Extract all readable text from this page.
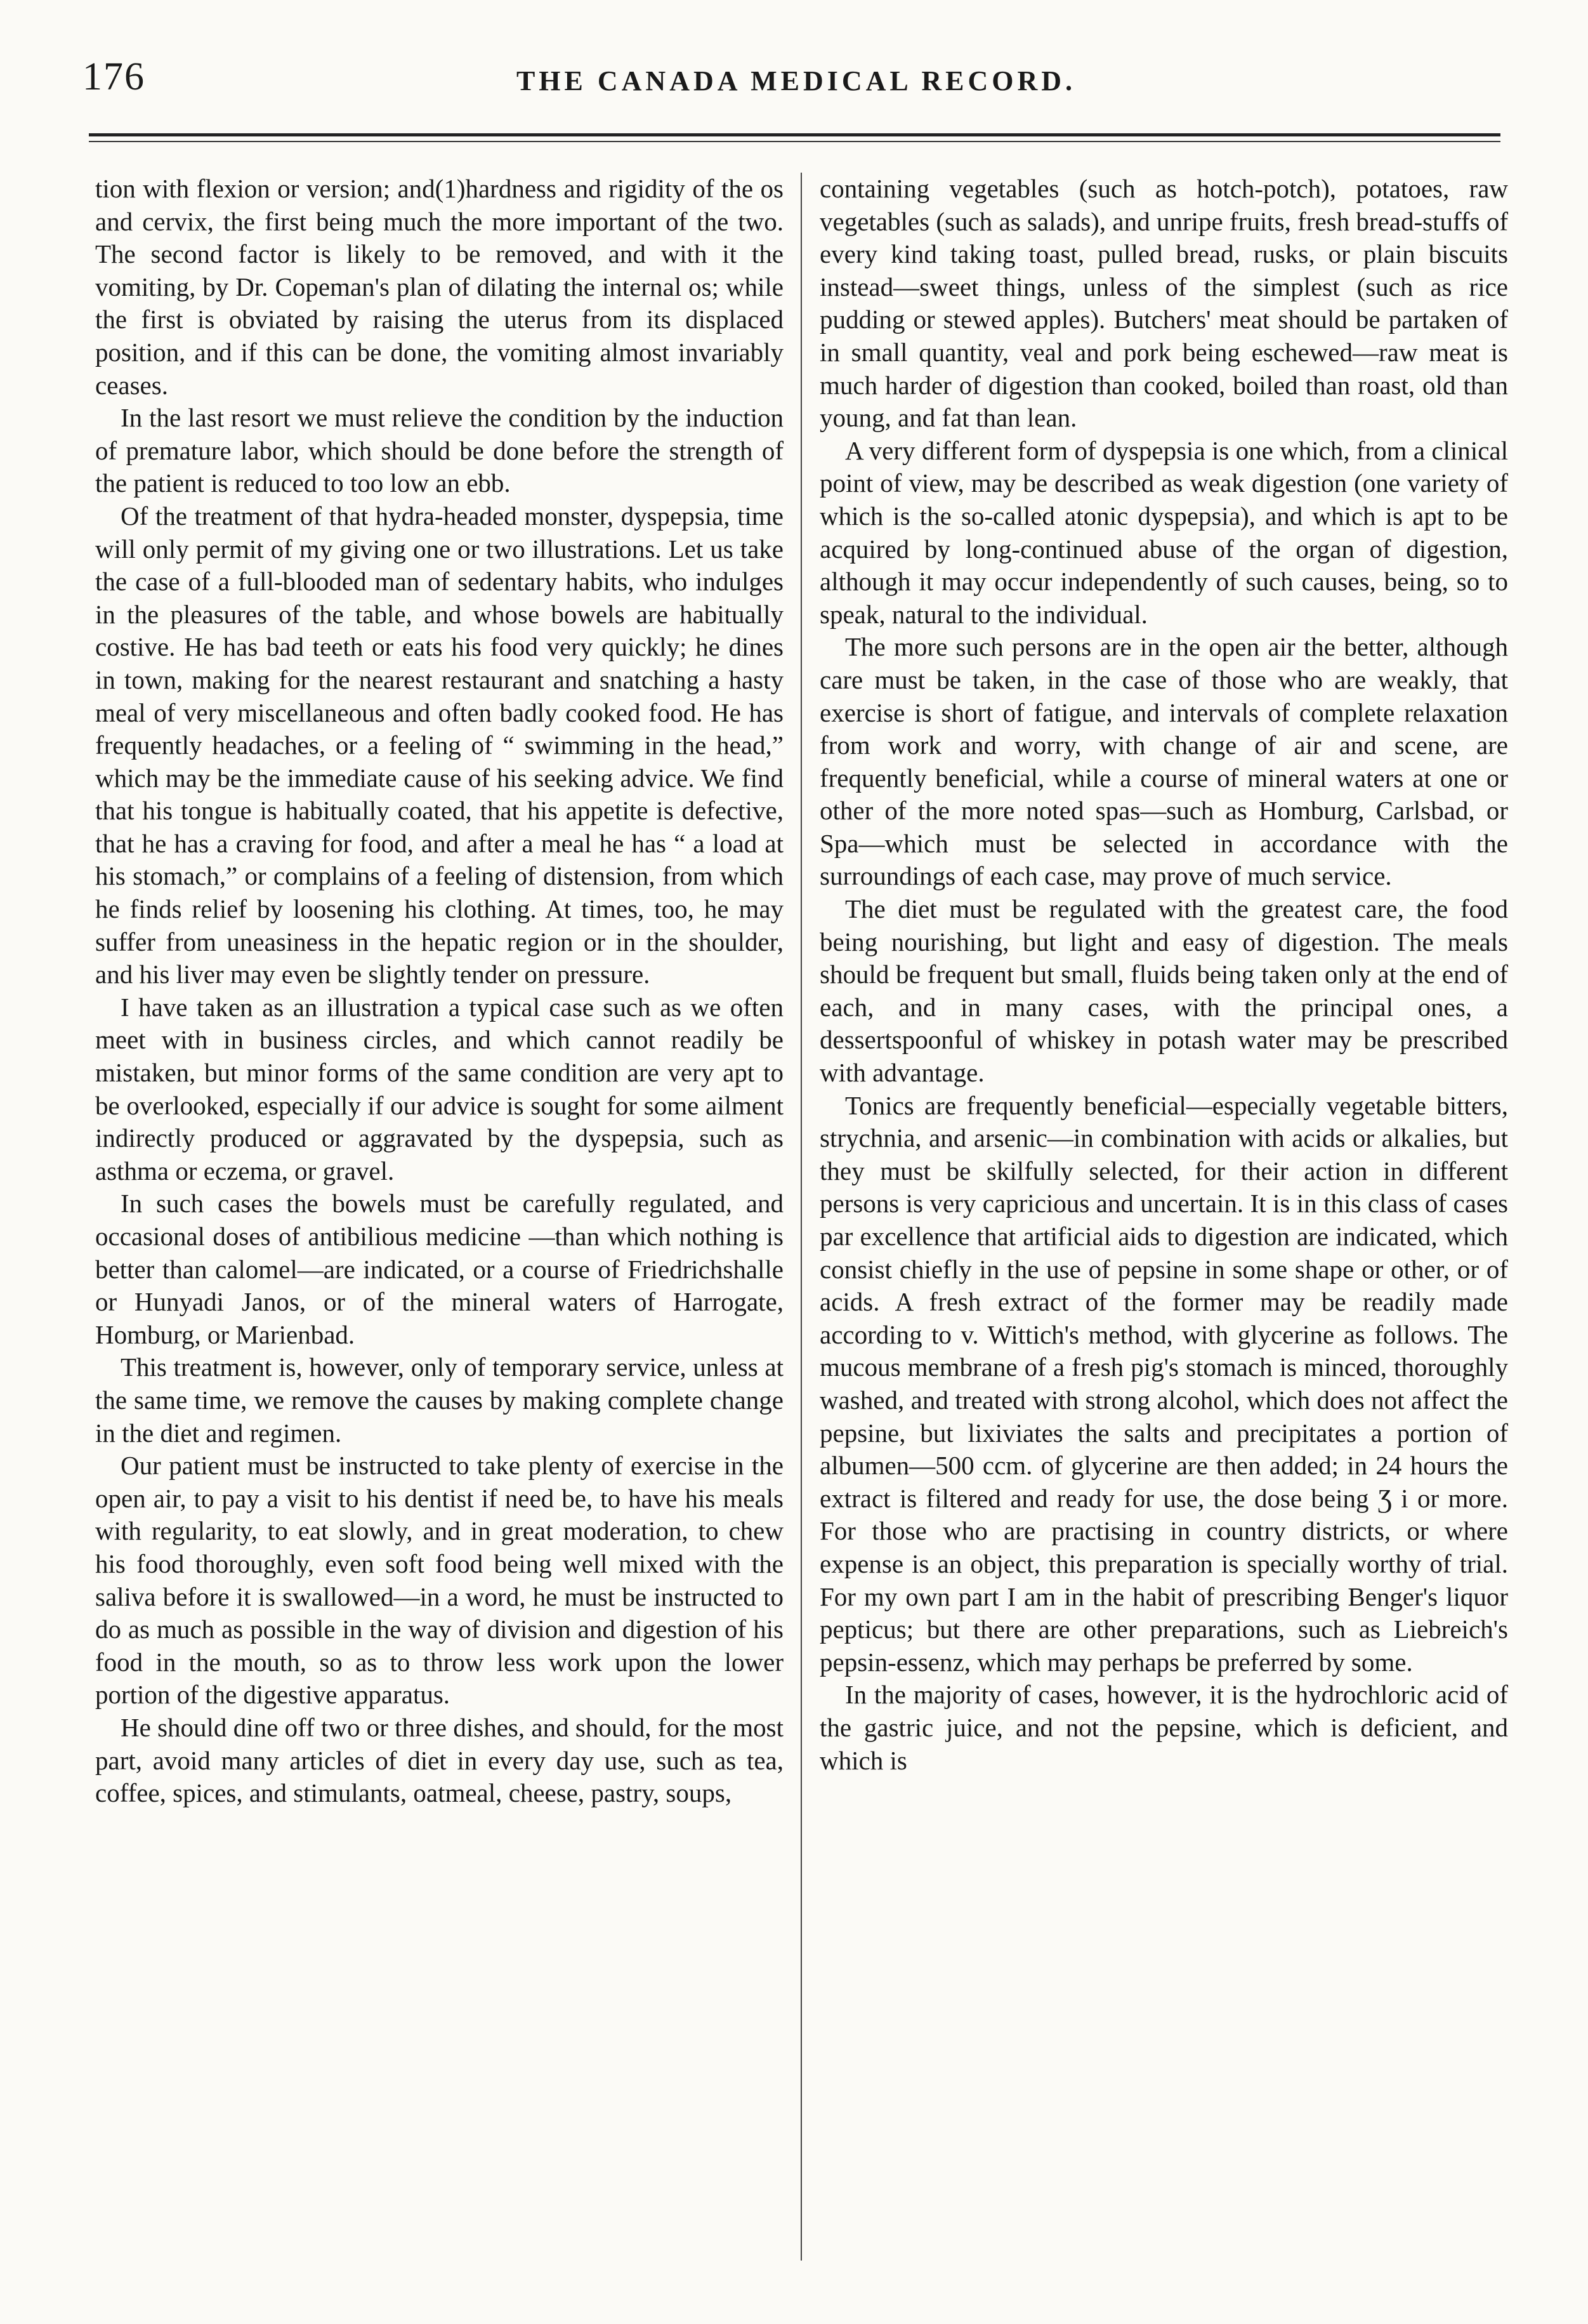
176	THE CANADA MEDICAL RECORD.

tion with flexion or version; and(1)hardness and rigidity of the os and cervix, the first being much the more important of the two. The second factor is likely to be removed, and with it the vomiting, by Dr. Copeman's plan of dilating the internal os; while the first is obviated by raising the uterus from its displaced position, and if this can be done, the vomiting almost invariably ceases.

In the last resort we must relieve the condition by the induction of premature labor, which should be done before the strength of the patient is reduced to too low an ebb.

Of the treatment of that hydra-headed monster, dyspepsia, time will only permit of my giving one or two illustrations. Let us take the case of a full-blooded man of sedentary habits, who indulges in the pleasures of the table, and whose bowels are habitually costive. He has bad teeth or eats his food very quickly; he dines in town, making for the nearest restaurant and snatching a hasty meal of very miscellaneous and often badly cooked food. He has frequently headaches, or a feeling of “ swimming in the head,” which may be the immediate cause of his seeking advice. We find that his tongue is habitually coated, that his appetite is defective, that he has a craving for food, and after a meal he has “ a load at his stomach,” or complains of a feeling of distension, from which he finds relief by loosening his clothing. At times, too, he may suffer from uneasiness in the hepatic region or in the shoulder, and his liver may even be slightly tender on pressure.

I have taken as an illustration a typical case such as we often meet with in business circles, and which cannot readily be mistaken, but minor forms of the same condition are very apt to be overlooked, especially if our advice is sought for some ailment indirectly produced or aggravated by the dyspepsia, such as asthma or eczema, or gravel.

In such cases the bowels must be carefully regulated, and occasional doses of antibilious medicine —than which nothing is better than calomel—are indicated, or a course of Friedrichshalle or Hunyadi Janos, or of the mineral waters of Harrogate, Homburg, or Marienbad.

This treatment is, however, only of temporary service, unless at the same time, we remove the causes by making complete change in the diet and regimen.

Our patient must be instructed to take plenty of exercise in the open air, to pay a visit to his dentist if need be, to have his meals with regularity, to eat slowly, and in great moderation, to chew his food thoroughly, even soft food being well mixed with the saliva before it is swallowed—in a word, he must be instructed to do as much as possible in the way of division and digestion of his food in the mouth, so as to throw less work upon the lower portion of the digestive apparatus.

He should dine off two or three dishes, and should, for the most part, avoid many articles of diet in every day use, such as tea, coffee, spices, and stimulants, oatmeal, cheese, pastry, soups,

containing vegetables (such as hotch-potch), potatoes, raw vegetables (such as salads), and unripe fruits, fresh bread-stuffs of every kind taking toast, pulled bread, rusks, or plain biscuits instead—sweet things, unless of the simplest (such as rice pudding or stewed apples). Butchers' meat should be partaken of in small quantity, veal and pork being eschewed—raw meat is much harder of digestion than cooked, boiled than roast, old than young, and fat than lean.

A very different form of dyspepsia is one which, from a clinical point of view, may be described as weak digestion (one variety of which is the so-called atonic dyspepsia), and which is apt to be acquired by long-continued abuse of the organ of digestion, although it may occur independently of such causes, being, so to speak, natural to the individual.

The more such persons are in the open air the better, although care must be taken, in the case of those who are weakly, that exercise is short of fatigue, and intervals of complete relaxation from work and worry, with change of air and scene, are frequently beneficial, while a course of mineral waters at one or other of the more noted spas—such as Homburg, Carlsbad, or Spa—which must be selected in accordance with the surroundings of each case, may prove of much service.

The diet must be regulated with the greatest care, the food being nourishing, but light and easy of digestion. The meals should be frequent but small, fluids being taken only at the end of each, and in many cases, with the principal ones, a dessertspoonful of whiskey in potash water may be prescribed with advantage.

Tonics are frequently beneficial—especially vegetable bitters, strychnia, and arsenic—in combination with acids or alkalies, but they must be skilfully selected, for their action in different persons is very capricious and uncertain. It is in this class of cases par excellence that artificial aids to digestion are indicated, which consist chiefly in the use of pepsine in some shape or other, or of acids. A fresh extract of the former may be readily made according to v. Wittich's method, with glycerine as follows. The mucous membrane of a fresh pig's stomach is minced, thoroughly washed, and treated with strong alcohol, which does not affect the pepsine, but lixiviates the salts and precipitates a portion of albumen—500 ccm. of glycerine are then added; in 24 hours the extract is filtered and ready for use, the dose being Ʒ i or more. For those who are practising in country districts, or where expense is an object, this preparation is specially worthy of trial. For my own part I am in the habit of prescribing Benger's liquor pepticus; but there are other preparations, such as Liebreich's pepsin-essenz, which may perhaps be preferred by some.

In the majority of cases, however, it is the hydrochloric acid of the gastric juice, and not the pepsine, which is deficient, and which is
